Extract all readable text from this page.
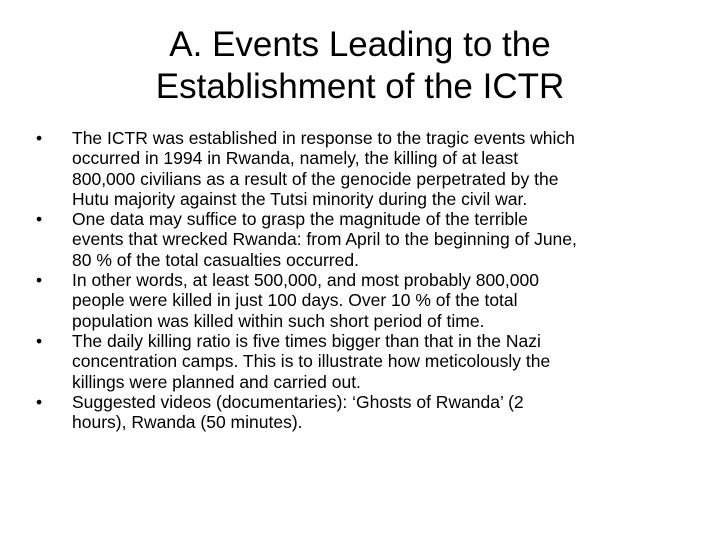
A. Events Leading to the
Establishment of the ICTR
•	The ICTR was established in response to the tragic events which
occurred in 1994 in Rwanda, namely, the killing of at least
800,000 civilians as a result of the genocide perpetrated by the
Hutu majority against the Tutsi minority during the civil war.
•	One data may suffice to grasp the magnitude of the terrible
events that wrecked Rwanda: from April to the beginning of June,
80 % of the total casualties occurred.
•	In other words, at least 500,000, and most probably 800,000
people were killed in just 100 days. Over 10 % of the total
population was killed within such short period of time.
•	The daily killing ratio is five times bigger than that in the Nazi
concentration camps. This is to illustrate how meticolously the
killings were planned and carried out.
•	Suggested videos (documentaries): ‘Ghosts of Rwanda’ (2
hours), Rwanda (50 minutes).
